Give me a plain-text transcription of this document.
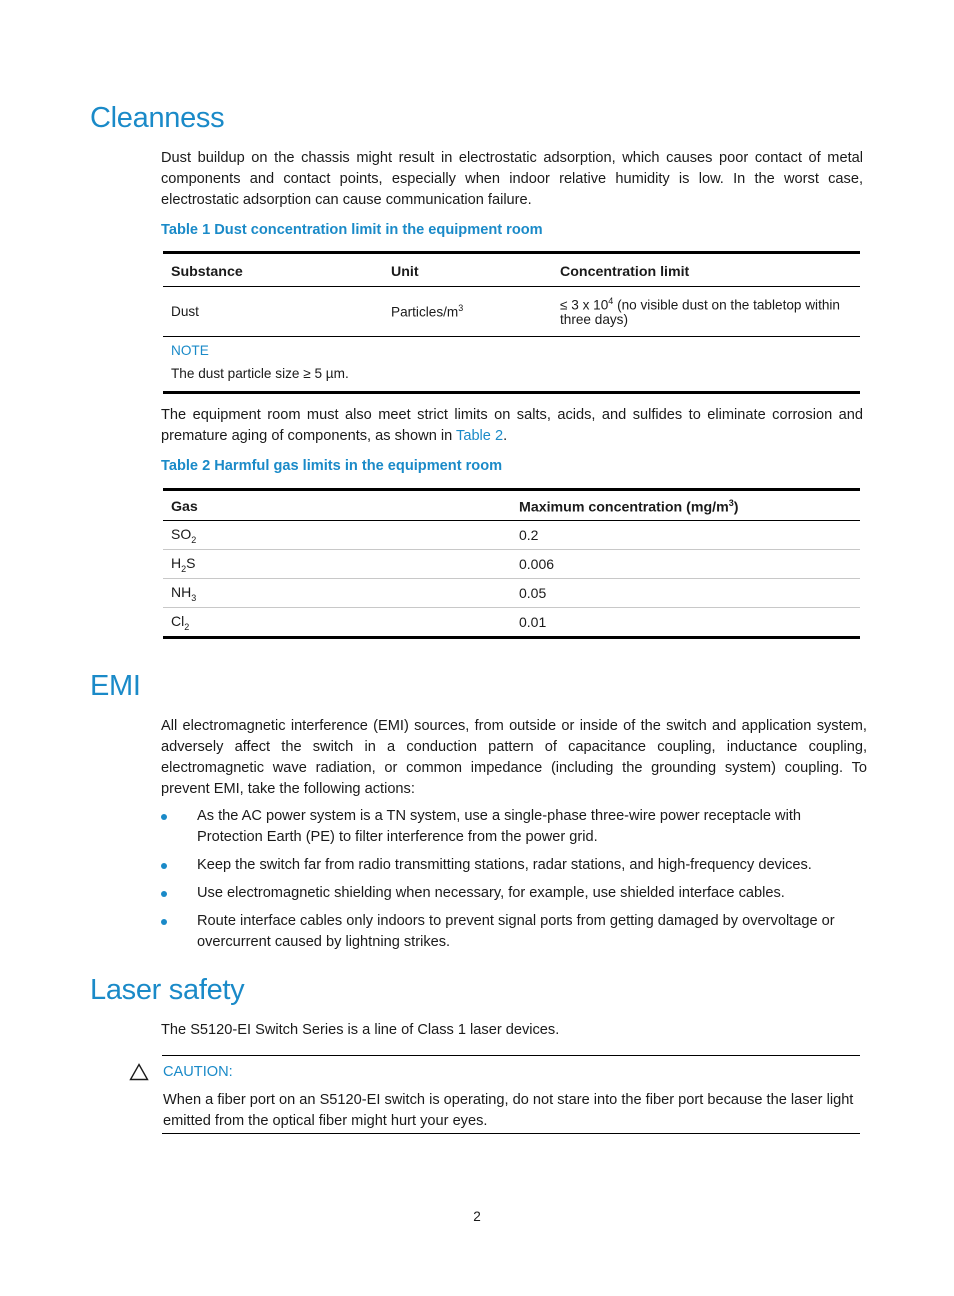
Cleanness

Dust buildup on the chassis might result in electrostatic adsorption, which causes poor contact of metal components and contact points, especially when indoor relative humidity is low. In the worst case, electrostatic adsorption can cause communication failure.

Table 1 Dust concentration limit in the equipment room

Substance	Unit	Concentration limit
Dust	Particles/$m^3$	≤ 3 x $10^4$ (no visible dust on the tabletop within three days)

NOTE
The dust particle size ≥ 5 µm.		

The equipment room must also meet strict limits on salts, acids, and sulfides to eliminate corrosion and premature aging of components, as shown in Table 2.

Table 2 Harmful gas limits in the equipment room

Gas	Maximum concentration $(mg/m^3)$
$SO_2$	0.2
$H_2S$	0.006
$NH_3$	0.05
$Cl_2$	0.01
EMI

All electromagnetic interference (EMI) sources, from outside or inside of the switch and application system, adversely affect the switch in a conduction pattern of capacitance coupling, inductance coupling, electromagnetic wave radiation, or common impedance (including the grounding system) coupling. To prevent EMI, take the following actions:

As the AC power system is a TN system, use a single-phase three-wire power receptacle with Protection Earth (PE) to filter interference from the power grid.
Keep the switch far from radio transmitting stations, radar stations, and high-frequency devices.
Use electromagnetic shielding when necessary, for example, use shielded interface cables.
Route interface cables only indoors to prevent signal ports from getting damaged by overvoltage or overcurrent caused by lightning strikes.
Laser safety

The S5120-EI Switch Series is a line of Class 1 laser devices.

CAUTION:
When a fiber port on an S5120-EI switch is operating, do not stare into the fiber port because the laser light emitted from the optical fiber might hurt your eyes.
2
